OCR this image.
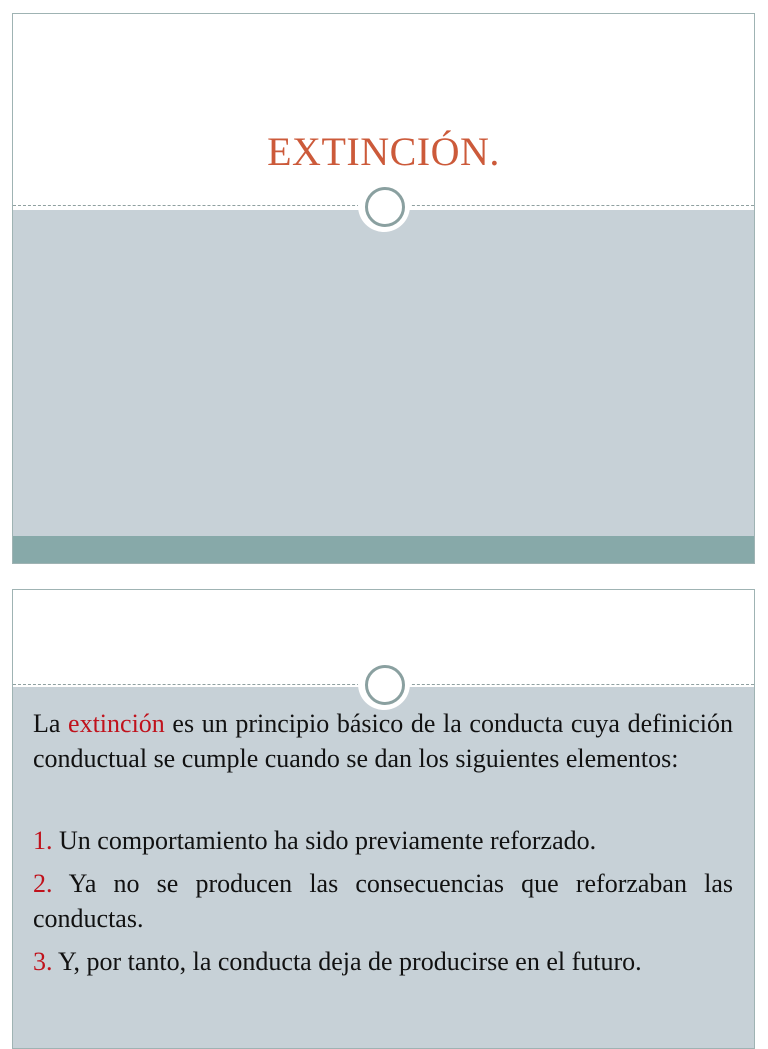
EXTINCIÓN.

La extinción es un principio básico de la conducta cuya definición conductual se cumple cuando se dan los siguientes elementos:

1. Un comportamiento ha sido previamente reforzado.

2. Ya no se producen las consecuencias que reforzaban las conductas.

3. Y, por tanto, la conducta deja de producirse en el futuro.
